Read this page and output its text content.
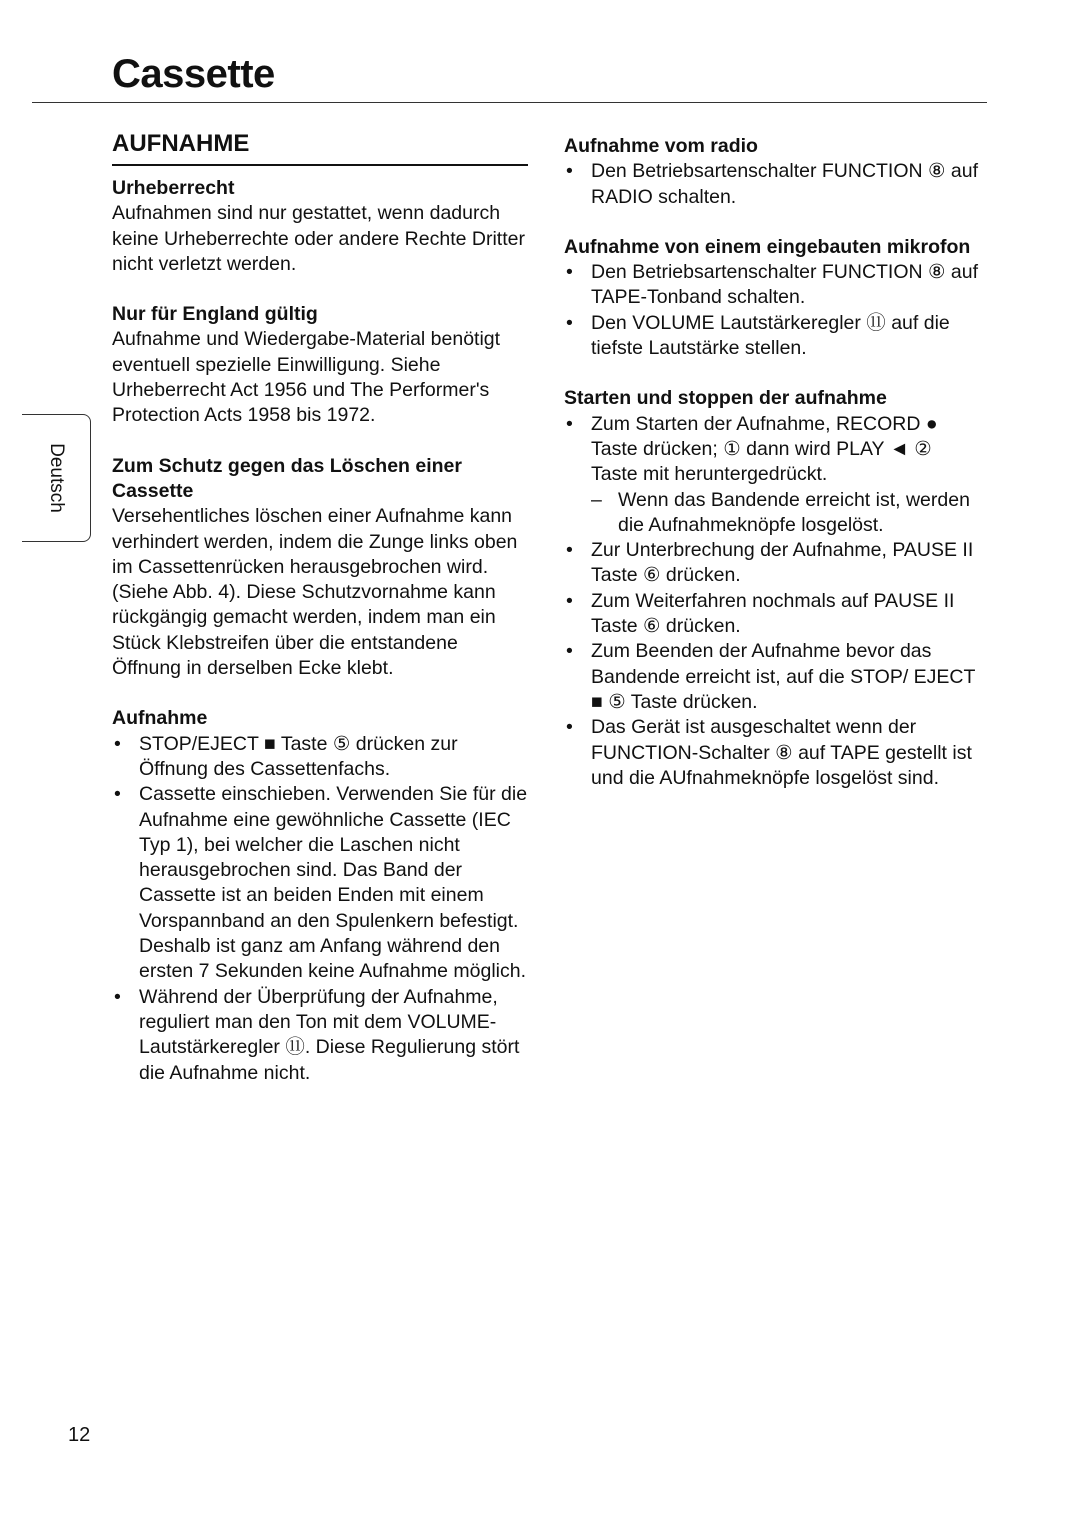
Cassette
Deutsch
AUFNAHME

Urheberrecht

Aufnahmen sind nur gestattet, wenn dadurch keine Urheberrechte oder andere Rechte Dritter nicht verletzt werden.

Nur für England gültig

Aufnahme und Wiedergabe-Material benötigt eventuell spezielle Einwilligung. Siehe Urheberrecht Act 1956 und The Performer's Protection Acts 1958 bis 1972.

Zum Schutz gegen das Löschen einer Cassette

Versehentliches löschen einer Aufnahme kann verhindert werden, indem die Zunge links oben im Cassettenrücken herausgebrochen wird. (Siehe Abb. 4). Diese Schutzvornahme kann rückgängig gemacht werden, indem man ein Stück Klebstreifen über die entstandene Öffnung in derselben Ecke klebt.

Aufnahme

• STOP/EJECT ■ Taste ⑤ drücken zur Öffnung des Cassettenfachs.
• Cassette einschieben. Verwenden Sie für die Aufnahme eine gewöhnliche Cassette (IEC Typ 1), bei welcher die Laschen nicht herausgebrochen sind. Das Band der Cassette ist an beiden Enden mit einem Vorspannband an den Spulenkern befestigt. Deshalb ist ganz am Anfang während den ersten 7 Sekunden keine Aufnahme möglich.
• Während der Überprüfung der Aufnahme, reguliert man den Ton mit dem VOLUME-Lautstärkeregler ⑪. Diese Regulierung stört die Aufnahme nicht.

Aufnahme vom radio

• Den Betriebsartenschalter FUNCTION ⑧ auf RADIO schalten.

Aufnahme von einem eingebauten mikrofon

• Den Betriebsartenschalter FUNCTION ⑧ auf TAPE-Tonband schalten.
• Den VOLUME Lautstärkeregler ⑪ auf die tiefste Lautstärke stellen.

Starten und stoppen der aufnahme

• Zum Starten der Aufnahme, RECORD ● Taste drücken; ① dann wird PLAY ◄ ② Taste mit heruntergedrückt.
– Wenn das Bandende erreicht ist, werden die Aufnahmeknöpfe losgelöst.
• Zur Unterbrechung der Aufnahme, PAUSE II Taste ⑥ drücken.
• Zum Weiterfahren nochmals auf PAUSE II Taste ⑥ drücken.
• Zum Beenden der Aufnahme bevor das Bandende erreicht ist, auf die STOP/ EJECT ■ ⑤ Taste drücken.
• Das Gerät ist ausgeschaltet wenn der FUNCTION-Schalter ⑧ auf TAPE gestellt ist und die AUfnahmeknöpfe losgelöst sind.
12
